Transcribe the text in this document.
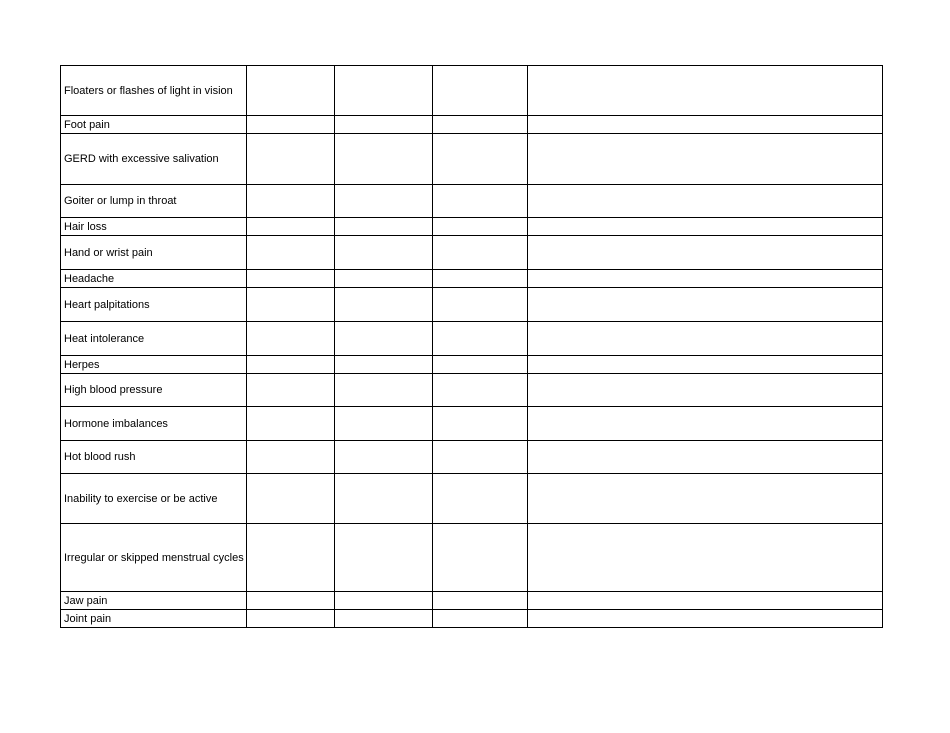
Floaters or flashes of light in vision				
Foot pain				
GERD with excessive salivation				
Goiter or lump in throat				
Hair loss				
Hand or wrist pain				
Headache				
Heart palpitations				
Heat intolerance				
Herpes				
High blood pressure				
Hormone imbalances				
Hot blood rush				
Inability to exercise or be active				
Irregular or skipped menstrual cycles				
Jaw pain				
Joint pain				
